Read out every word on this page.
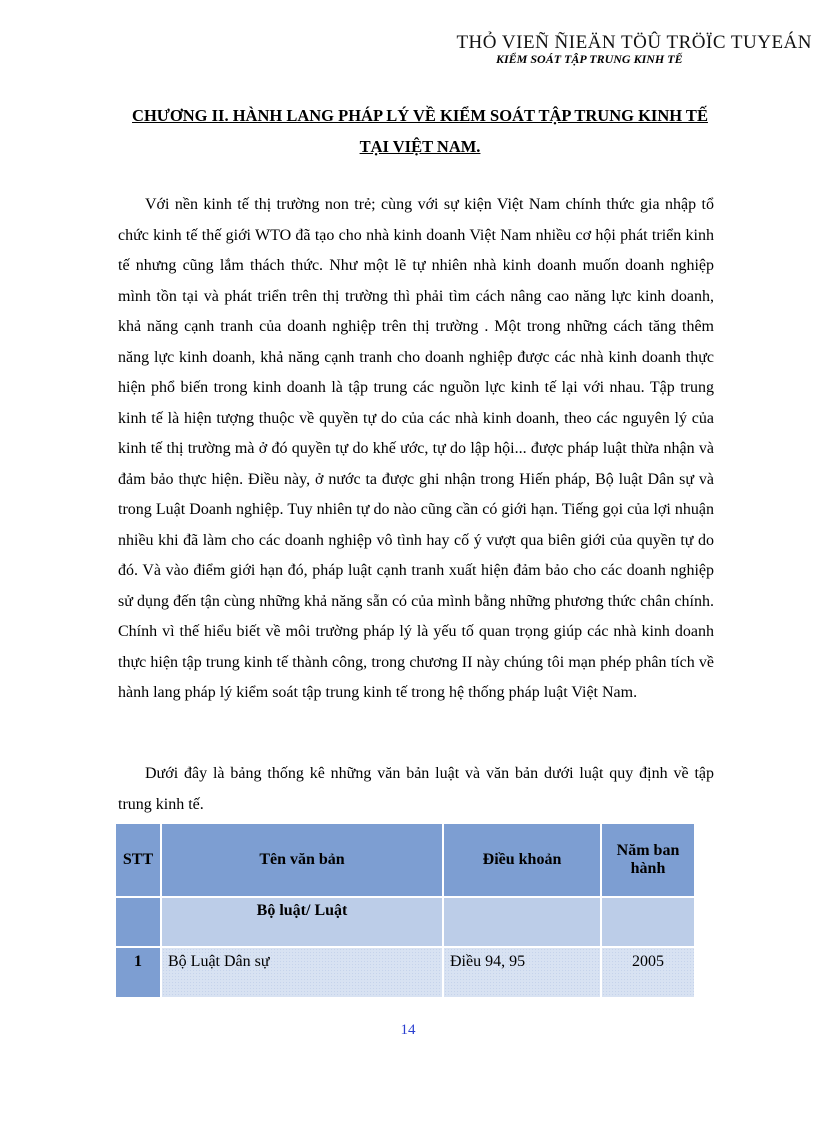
THỎ VIEÑ ÑIEÄN TÖÛ TRÖÏC TUYEÁN
KIỂM SOÁT TẬP TRUNG KINH TẾ
CHƯƠNG II. HÀNH LANG PHÁP LÝ VỀ KIỂM SOÁT TẬP TRUNG KINH TẾ
TẠI VIỆT NAM.

Với nền kinh tế thị trường non trẻ; cùng với sự kiện Việt Nam chính thức gia nhập tổ chức kinh tế thế giới WTO đã tạo cho nhà kinh doanh Việt Nam nhiều cơ hội phát triển kinh tế nhưng cũng lắm thách thức. Như một lẽ tự nhiên nhà kinh doanh muốn doanh nghiệp mình tồn tại và phát triển trên thị trường thì phải tìm cách nâng cao năng lực kinh doanh, khả năng cạnh tranh của doanh nghiệp trên thị trường . Một trong những cách tăng thêm năng lực kinh doanh, khả năng cạnh tranh cho doanh nghiệp được các nhà kinh doanh thực hiện phổ biến trong kinh doanh là tập trung các nguồn lực kinh tế lại với nhau. Tập trung kinh tế là hiện tượng thuộc về quyền tự do của các nhà kinh doanh, theo các nguyên lý của kinh tế thị trường mà ở đó quyền tự do khế ước, tự do lập hội... được pháp luật thừa nhận và đảm bảo thực hiện. Điều này, ở nước ta được ghi nhận trong Hiến pháp, Bộ luật Dân sự và trong Luật Doanh nghiệp. Tuy nhiên tự do nào cũng cần có giới hạn. Tiếng gọi của lợi nhuận nhiều khi đã làm cho các doanh nghiệp vô tình hay cố ý vượt qua biên giới của quyền tự do đó. Và vào điểm giới hạn đó, pháp luật cạnh tranh xuất hiện đảm bảo cho các doanh nghiệp sử dụng đến tận cùng những khả năng sẵn có của mình bằng những phương thức chân chính. Chính vì thế hiểu biết về môi trường pháp lý là yếu tố quan trọng giúp các nhà kinh doanh thực hiện tập trung kinh tế thành công, trong chương II này chúng tôi mạn phép phân tích về hành lang pháp lý kiểm soát tập trung kinh tế trong hệ thống pháp luật Việt Nam.

Dưới đây là bảng thống kê những văn bản luật và văn bản dưới luật quy định về tập trung kinh tế.

STT	Tên văn bản	Điều khoản	Năm ban hành
	Bộ luật/ Luật		
1	Bộ Luật Dân sự	Điều 94, 95	2005
14
